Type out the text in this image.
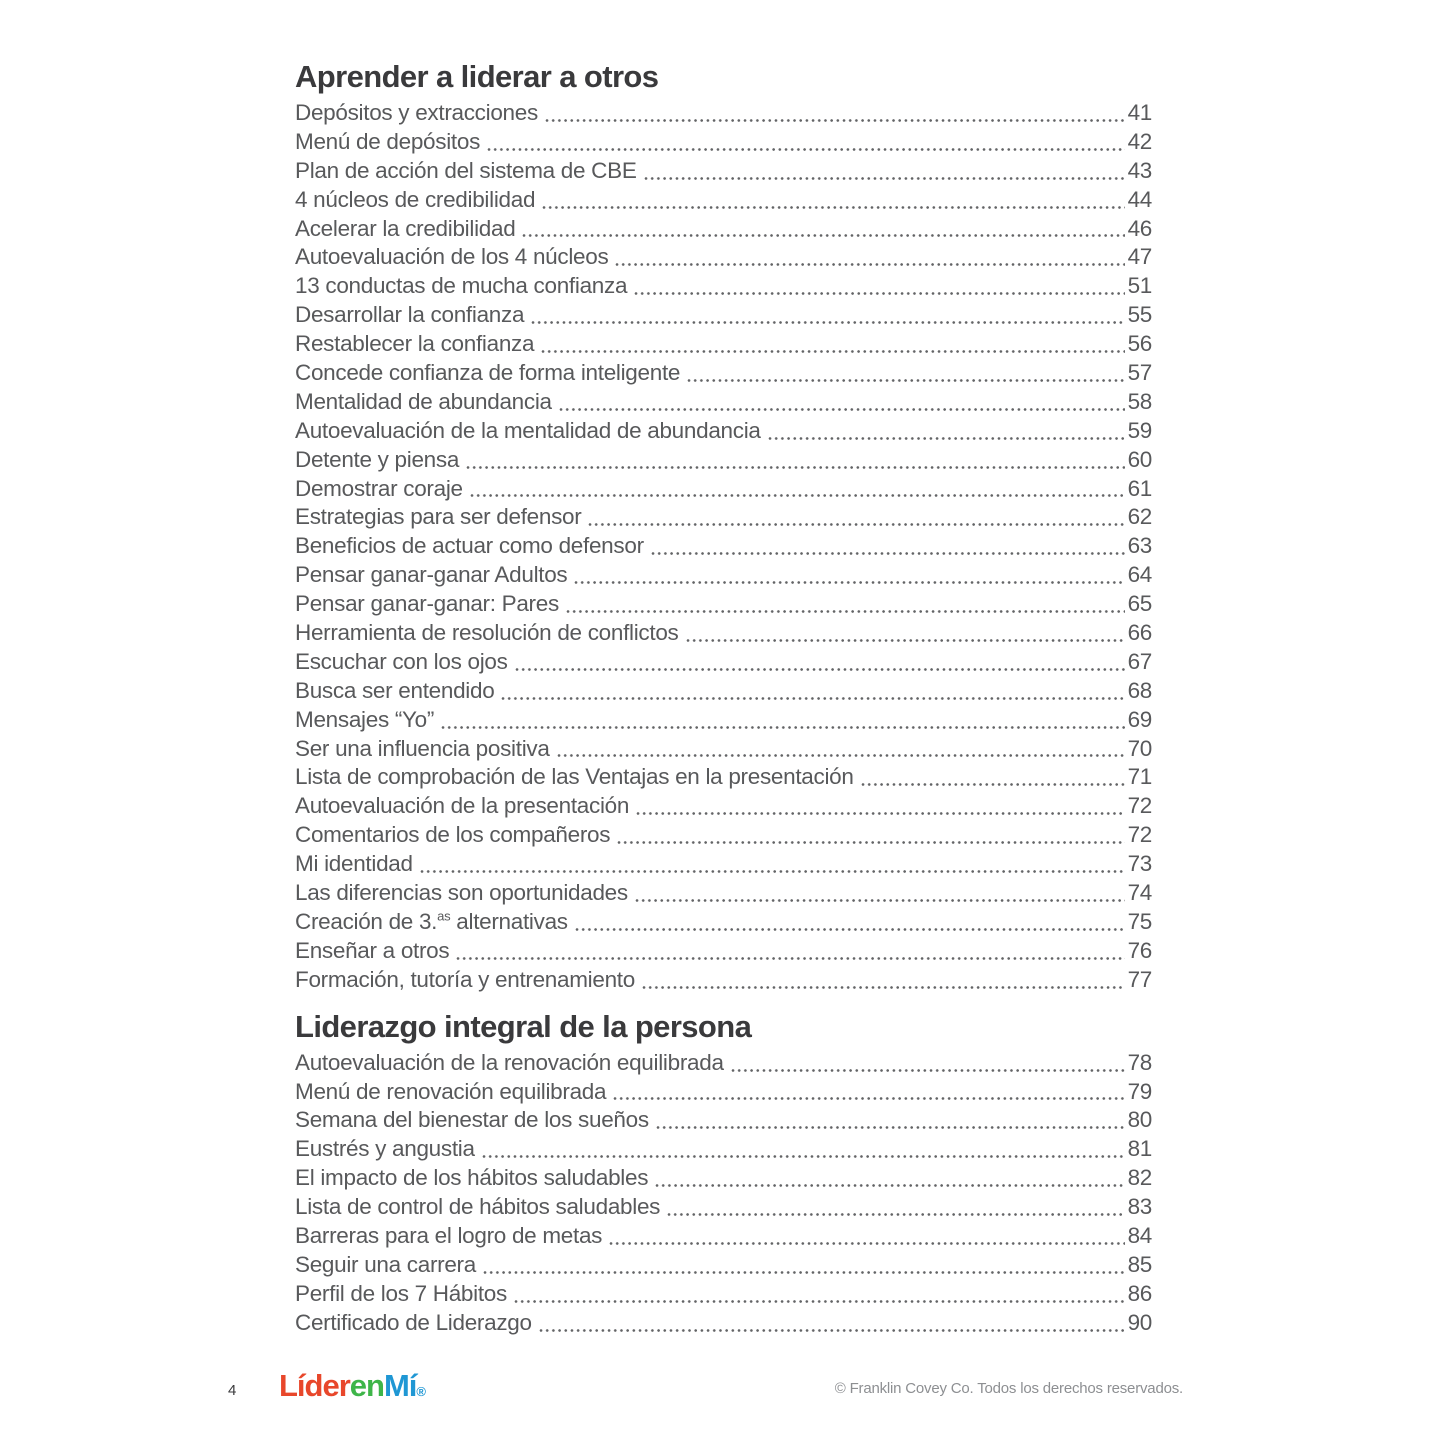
Aprender a liderar a otros
Depósitos y extracciones	41
Menú de depósitos	42
Plan de acción del sistema de CBE	43
4 núcleos de credibilidad	44
Acelerar la credibilidad	46
Autoevaluación de los 4 núcleos	47
13 conductas de mucha confianza	51
Desarrollar la confianza	55
Restablecer la confianza	56
Concede confianza de forma inteligente	57
Mentalidad de abundancia	58
Autoevaluación de la mentalidad de abundancia	59
Detente y piensa	60
Demostrar coraje	61
Estrategias para ser defensor	62
Beneficios de actuar como defensor	63
Pensar ganar-ganar Adultos	64
Pensar ganar-ganar: Pares	65
Herramienta de resolución de conflictos	66
Escuchar con los ojos	67
Busca ser entendido	68
Mensajes “Yo”	69
Ser una influencia positiva	70
Lista de comprobación de las Ventajas en la presentación	71
Autoevaluación de la presentación	72
Comentarios de los compañeros	72
Mi identidad	73
Las diferencias son oportunidades	74
Creación de 3.$^{as}$ alternativas	75
Enseñar a otros	76
Formación, tutoría y entrenamiento	77
Liderazgo integral de la persona
Autoevaluación de la renovación equilibrada	78
Menú de renovación equilibrada	79
Semana del bienestar de los sueños	80
Eustrés y angustia	81
El impacto de los hábitos saludables	82
Lista de control de hábitos saludables	83
Barreras para el logro de metas	84
Seguir una carrera	85
Perfil de los 7 Hábitos	86
Certificado de Liderazgo	90
4 LíderenMí®	© Franklin Covey Co. Todos los derechos reservados.
